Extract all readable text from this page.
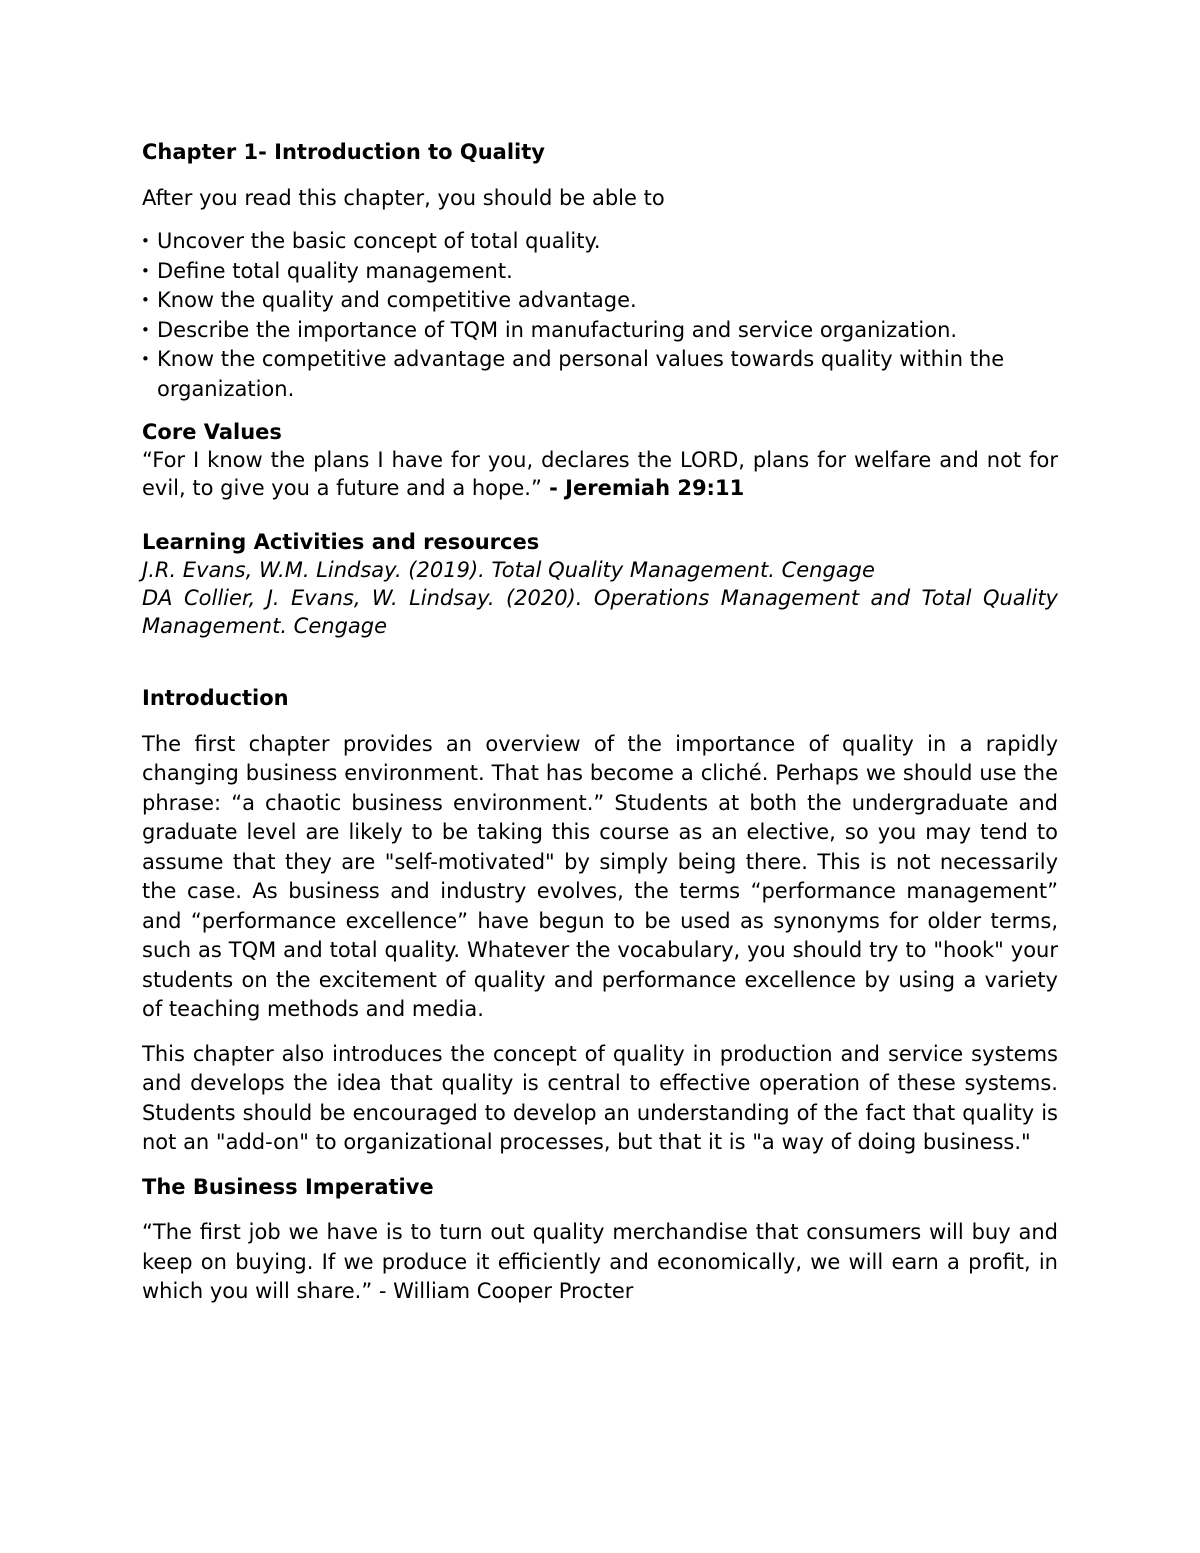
Chapter 1- Introduction to Quality

After you read this chapter, you should be able to

• Uncover the basic concept of total quality.
• Define total quality management.
• Know the quality and competitive advantage.
• Describe the importance of TQM in manufacturing and service organization.
• Know the competitive advantage and personal values towards quality within the organization.

Core Values

“For I know the plans I have for you, declares the LORD, plans for welfare and not for evil, to give you a future and a hope.” - Jeremiah 29:11

Learning Activities and resources

J.R. Evans, W.M. Lindsay. (2019). Total Quality Management. Cengage

DA Collier, J. Evans, W. Lindsay. (2020). Operations Management and Total Quality Management. Cengage

Introduction

The first chapter provides an overview of the importance of quality in a rapidly changing business environment. That has become a cliché. Perhaps we should use the phrase: “a chaotic business environment.” Students at both the undergraduate and graduate level are likely to be taking this course as an elective, so you may tend to assume that they are "self-motivated" by simply being there. This is not necessarily the case. As business and industry evolves, the terms “performance management” and “performance excellence” have begun to be used as synonyms for older terms, such as TQM and total quality. Whatever the vocabulary, you should try to "hook" your students on the excitement of quality and performance excellence by using a variety of teaching methods and media.

This chapter also introduces the concept of quality in production and service systems and develops the idea that quality is central to effective operation of these systems. Students should be encouraged to develop an understanding of the fact that quality is not an "add-on" to organizational processes, but that it is "a way of doing business."

The Business Imperative

“The first job we have is to turn out quality merchandise that consumers will buy and keep on buying. If we produce it efficiently and economically, we will earn a profit, in which you will share.” - William Cooper Procter
